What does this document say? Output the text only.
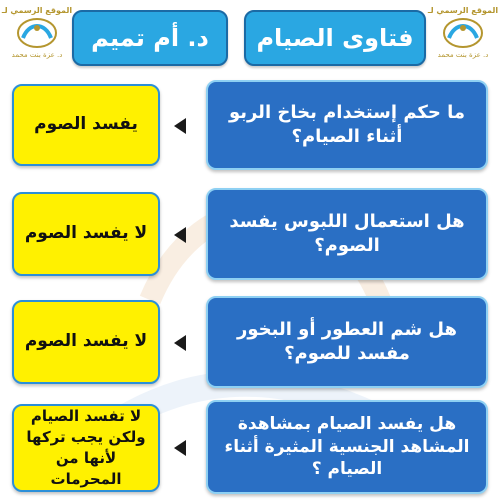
الموقع الرسمي لـ
د. عزة بنت محمد
الموقع الرسمي لـ
د. عزة بنت محمد
د. أم تميم فتاوى الصيام
يفسد الصوم
ما حكم إستخدام بخاخ الربو أثناء الصيام؟
لا يفسد الصوم
هل استعمال اللبوس يفسد الصوم؟
لا يفسد الصوم
هل شم العطور أو البخور مفسد للصوم؟
لا تفسد الصيام ولكن يجب تركها لأنها من المحرمات
هل يفسد الصيام بمشاهدة المشاهد الجنسية المثيرة أثناء الصيام ؟
